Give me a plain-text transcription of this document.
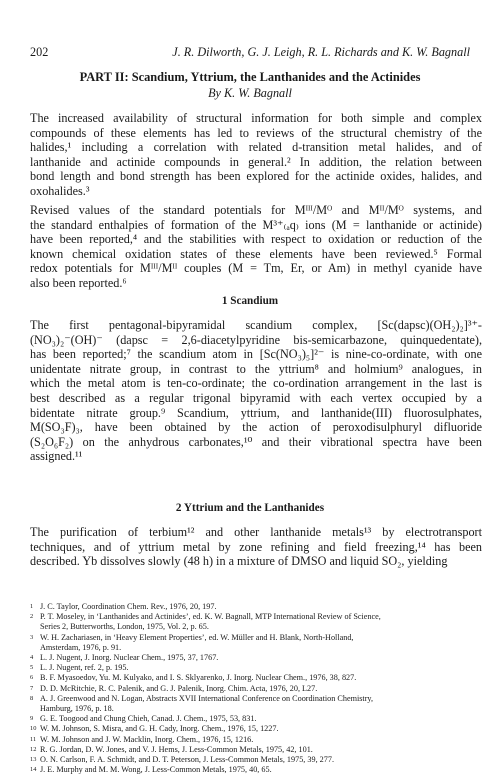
202	J. R. Dilworth, G. J. Leigh, R. L. Richards and K. W. Bagnall
PART II: Scandium, Yttrium, the Lanthanides and the Actinides
By K. W. Bagnall
The increased availability of structural information for both simple and complex
compounds of these elements has led to reviews of the structural chemistry of the
halides,¹ including a correlation with related d-transition metal halides, and of
lanthanide and actinide compounds in general.² In addition, the relation between
bond length and bond strength has been explored for the actinide oxides, halides, and
oxohalides.³
Revised values of the standard potentials for Mᴵᴵᴵ/Mᴼ and Mᴵᴵ/Mᴼ systems, and
the standard enthalpies of formation of the M³⁺₍ₐq₎ ions (M = lanthanide or actinide)
have been reported,⁴ and the stabilities with respect to oxidation or reduction of the
known chemical oxidation states of these elements have been reviewed.⁵ Formal
redox potentials for Mᴵᴵᴵ/Mᴵᴵ couples (M = Tm, Er, or Am) in methyl cyanide have
also been reported.⁶
1 Scandium
The first pentagonal-bipyramidal scandium complex, [Sc(dapsc)(OH₂)₂]³⁺-
(NO₃)₂⁻(OH)⁻ (dapsc = 2,6-diacetylpyridine bis-semicarbazone, quinquedentate),
has been reported;⁷ the scandium atom in [Sc(NO₃)₅]²⁻ is nine-co-ordinate, with one
unidentate nitrate group, in contrast to the yttrium⁸ and holmium⁹ analogues, in
which the metal atom is ten-co-ordinate; the co-ordination arrangement in the last is
best described as a regular trigonal bipyramid with each vertex occupied by a
bidentate nitrate group.⁹ Scandium, yttrium, and lanthanide(III) fluorosulphates,
M(SO₃F)₃, have been obtained by the action of peroxodisulphuryl difluoride
(S₂O₆F₂) on the anhydrous carbonates,¹⁰ and their vibrational spectra have been
assigned.¹¹
2 Yttrium and the Lanthanides
The purification of terbium¹² and other lanthanide metals¹³ by electrotransport
techniques, and of yttrium metal by zone refining and field freezing,¹⁴ has been
described. Yb dissolves slowly (48 h) in a mixture of DMSO and liquid SO₂, yielding
1 J. C. Taylor, Coordination Chem. Rev., 1976, 20, 197.
2 P. T. Moseley, in ‘Lanthanides and Actinides’, ed. K. W. Bagnall, MTP International Review of Science,
Series 2, Butterworths, London, 1975, Vol. 2, p. 65.
3 W. H. Zachariasen, in ‘Heavy Element Properties’, ed. W. Müller and H. Blank, North-Holland,
Amsterdam, 1976, p. 91.
4 L. J. Nugent, J. Inorg. Nuclear Chem., 1975, 37, 1767.
5 L. J. Nugent, ref. 2, p. 195.
6 B. F. Myasoedov, Yu. M. Kulyako, and I. S. Sklyarenko, J. Inorg. Nuclear Chem., 1976, 38, 827.
7 D. D. McRitchie, R. C. Palenik, and G. J. Palenik, Inorg. Chim. Acta, 1976, 20, L27.
8 A. J. Greenwood and N. Logan, Abstracts XVII International Conference on Coordination Chemistry,
Hamburg, 1976, p. 18.
9 G. E. Toogood and Chung Chieh, Canad. J. Chem., 1975, 53, 831.
10 W. M. Johnson, S. Misra, and G. H. Cady, Inorg. Chem., 1976, 15, 1227.
11 W. M. Johnson and J. W. Macklin, Inorg. Chem., 1976, 15, 1216.
12 R. G. Jordan, D. W. Jones, and V. J. Hems, J. Less-Common Metals, 1975, 42, 101.
13 O. N. Carlson, F. A. Schmidt, and D. T. Peterson, J. Less-Common Metals, 1975, 39, 277.
14 J. E. Murphy and M. M. Wong, J. Less-Common Metals, 1975, 40, 65.
